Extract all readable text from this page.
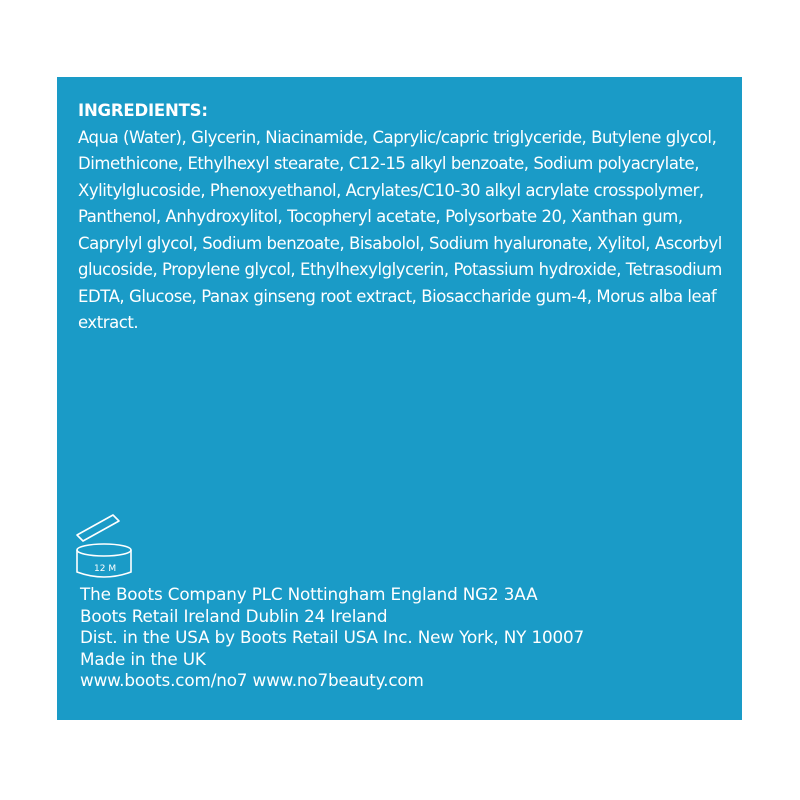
INGREDIENTS:
Aqua (Water), Glycerin, Niacinamide, Caprylic/capric triglyceride, Butylene glycol, Dimethicone, Ethylhexyl stearate, C12-15 alkyl benzoate, Sodium polyacrylate, Xylitylglucoside, Phenoxyethanol, Acrylates/C10-30 alkyl acrylate crosspolymer, Panthenol, Anhydroxylitol, Tocopheryl acetate, Polysorbate 20, Xanthan gum, Caprylyl glycol, Sodium benzoate, Bisabolol, Sodium hyaluronate, Xylitol, Ascorbyl glucoside, Propylene glycol, Ethylhexylglycerin, Potassium hydroxide, Tetrasodium EDTA, Glucose, Panax ginseng root extract, Biosaccharide gum-4, Morus alba leaf extract.

12 M
The Boots Company PLC Nottingham England NG2 3AA
Boots Retail Ireland Dublin 24 Ireland
Dist. in the USA by Boots Retail USA Inc. New York, NY 10007
Made in the UK
www.boots.com/no7 www.no7beauty.com
